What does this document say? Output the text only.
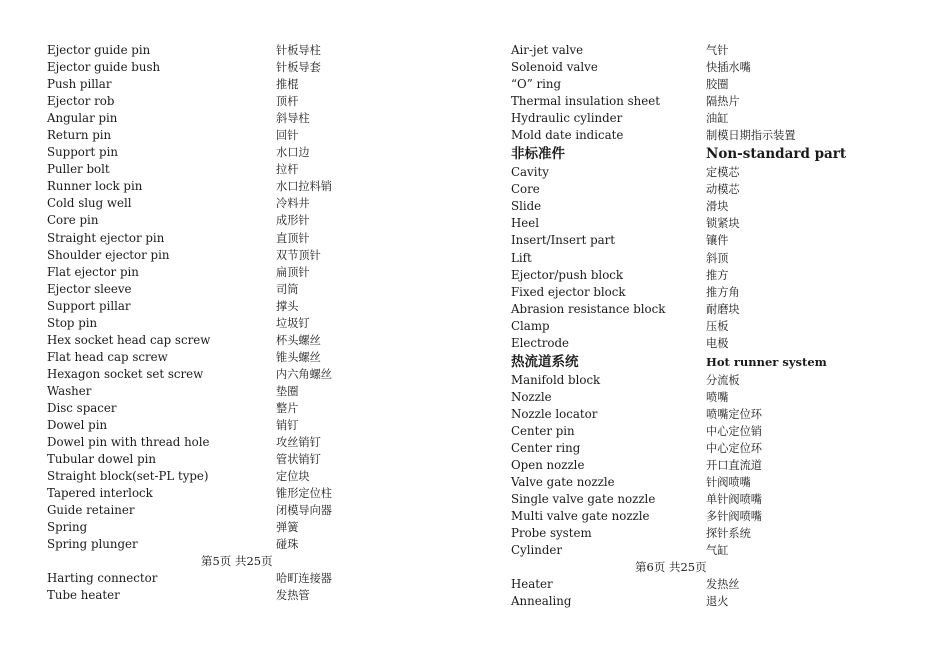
Ejector guide pin	针板导柱
Ejector guide bush	针板导套
Push pillar	推棍
Ejector rob	顶杆
Angular pin	斜导柱
Return pin	回针
Support pin	水口边
Puller bolt	拉杆
Runner lock pin	水口拉料销
Cold slug well	冷料井
Core pin	成形针
Straight ejector pin	直顶针
Shoulder ejector pin	双节顶针
Flat ejector pin	扁顶针
Ejector sleeve	司筒
Support pillar	撑头
Stop pin	垃圾钉
Hex socket head cap screw	杯头螺丝
Flat head cap screw	锥头螺丝
Hexagon socket set screw	内六角螺丝
Washer	垫圈
Disc spacer	整片
Dowel pin	销钉
Dowel pin with thread hole	攻丝销钉
Tubular dowel pin	管状销钉
Straight block(set-PL type)	定位块
Tapered interlock	锥形定位柱
Guide retainer	闭模导向器
Spring	弹簧
Spring plunger	碰珠
第5页 共25页
Harting connector	哈町连接器
Tube heater	发热管
Air-jet valve	气针
Solenoid valve	快插水嘴
“O” ring	胶圈
Thermal insulation sheet	隔热片
Hydraulic cylinder	油缸
Mold date indicate	制模日期指示装置
非标准件	Non-standard part
Cavity	定模芯
Core	动模芯
Slide	滑块
Heel	锁紧块
Insert/Insert part	镶件
Lift	斜顶
Ejector/push block	推方
Fixed ejector block	推方角
Abrasion resistance block	耐磨块
Clamp	压板
Electrode	电极
热流道系统	Hot runner system
Manifold block	分流板
Nozzle	喷嘴
Nozzle locator	喷嘴定位环
Center pin	中心定位销
Center ring	中心定位环
Open nozzle	开口直流道
Valve gate nozzle	针阀喷嘴
Single valve gate nozzle	单针阀喷嘴
Multi valve gate nozzle	多针阀喷嘴
Probe system	探针系统
Cylinder	气缸
第6页 共25页
Heater	发热丝
Annealing	退火
